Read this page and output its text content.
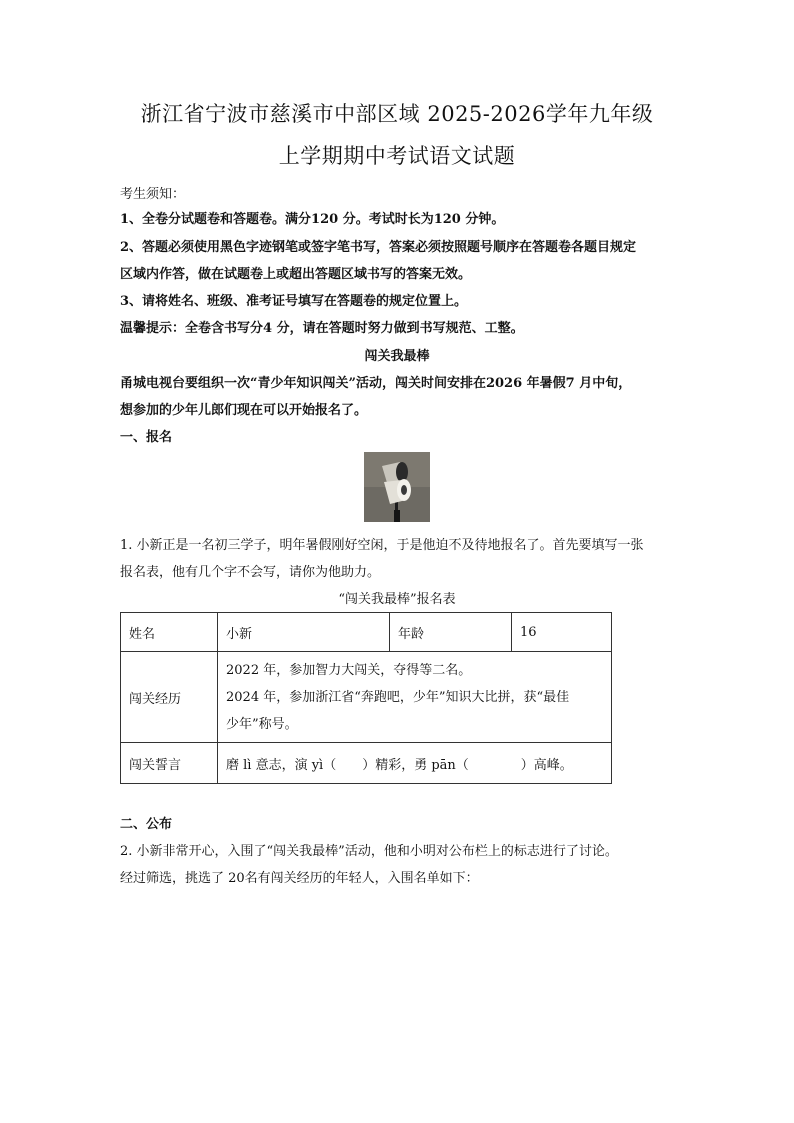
浙江省宁波市慈溪市中部区域 2025-2026学年九年级
上学期期中考试语文试题
考生须知：
1、全卷分试题卷和答题卷。满分120 分。考试时长为120 分钟。
2、答题必须使用黑色字迹钢笔或签字笔书写，答案必须按照题号顺序在答题卷各题目规定
区域内作答，做在试题卷上或超出答题区域书写的答案无效。
3、请将姓名、班级、准考证号填写在答题卷的规定位置上。
温馨提示：全卷含书写分4 分，请在答题时努力做到书写规范、工整。
闯关我最棒
甬城电视台要组织一次“青少年知识闯关”活动，闯关时间安排在2026 年暑假7 月中旬，
想参加的少年儿郎们现在可以开始报名了。
一、报名
1. 小新正是一名初三学子，明年暑假刚好空闲，于是他迫不及待地报名了。首先要填写一张
报名表，他有几个字不会写，请你为他助力。
“闯关我最棒”报名表
姓名	小新	年龄	16
闯关经历	2022 年，参加智力大闯关，夺得等二名。
2024 年，参加浙江省“奔跑吧，少年”知识大比拼，获“最佳
少年”称号。		

闯关誓言	磨 lì 意志，演 yì（　　）精彩，勇 pān（　　　　）高峰。		
二、公布
2. 小新非常开心，入围了“闯关我最棒”活动，他和小明对公布栏上的标志进行了讨论。
经过筛选，挑选了 20名有闯关经历的年轻人，入围名单如下：
